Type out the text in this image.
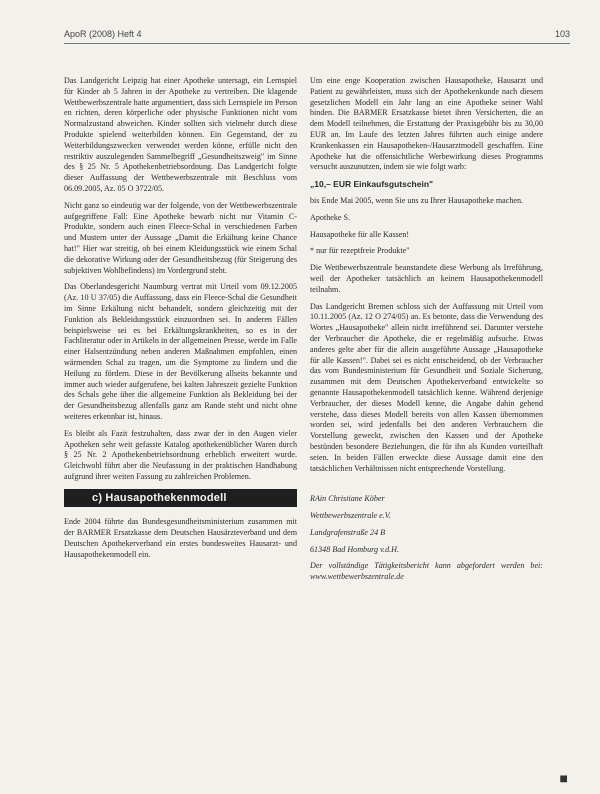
ApoR (2008) Heft 4	103

Das Landgericht Leipzig hat einer Apotheke untersagt, ein Lernspiel für Kinder ab 5 Jahren in der Apotheke zu vertreiben. Die klagende Wettbewerbszentrale hatte argumentiert, dass sich Lernspiele im Person en richten, deren körperliche oder physische Funktionen nicht vom Normalzustand abweichen. Kinder sollten sich vielmehr durch diese Produkte spielend weiterbilden können. Ein Gegenstand, der zu Weiterbildungszwecken verwendet werden könne, erfülle nicht den restriktiv auszulegenden Sammelbegriff „Gesundheitszweig" im Sinne des § 25 Nr. 5 Apothekenbetriebsordnung. Das Landgericht folgte dieser Auffassung der Wettbewerbszentrale mit Beschluss vom 06.09.2005, Az. 05 O 3722/05.

Nicht ganz so eindeutig war der folgende, von der Wettbewerbszentrale aufgegriffene Fall: Eine Apotheke bewarb nicht nur Vitamin C-Produkte, sondern auch einen Fleece-Schal in verschiedenen Farben und Mustern unter der Aussage „Damit die Erkältung keine Chance hat!" Hier war streitig, ob bei einem Kleidungsstück wie einem Schal die dekorative Wirkung oder der Gesundheitsbezug (für Steigerung des subjektiven Wohlbefindens) im Vordergrund steht.

Das Oberlandesgericht Naumburg vertrat mit Urteil vom 09.12.2005 (Az. 10 U 37/05) die Auffassung, dass ein Fleece-Schal die Gesundheit im Sinne Erkältung nicht behandelt, sondern gleichzeitig mit der Funktion als Bekleidungsstück einzuordnen sei. In anderen Fällen beispielsweise sei es bei Erkältungskrankheiten, so es in der Fachliteratur oder in Artikeln in der allgemeinen Presse, werde im Falle einer Halsentzündung neben anderen Maßnahmen empfohlen, einen wärmenden Schal zu tragen, um die Symptome zu lindern und die Heilung zu fördern. Diese in der Bevölkerung allseits bekannte und immer auch wieder aufgerufene, bei kalten Jahreszeit gezielte Funktion des Schals gehe über die allgemeine Funktion als Bekleidung bei der der Gesundheitsbezug allenfalls ganz am Rande steht und nicht ohne weiteres erkennbar ist, hinaus.

Es bleibt als Fazit festzuhalten, dass zwar der in den Augen vieler Apotheken sehr weit gefasste Katalog apothekenüblicher Waren durch § 25 Nr. 2 Apothekenbetriebsordnung erheblich erweitert wurde. Gleichwohl führt aber die Neufassung in der praktischen Handhabung aufgrund ihrer weiten Fassung zu zahlreichen Problemen.

c) Hausapothekenmodell

Ende 2004 führte das Bundesgesundheitsministerium zusammen mit der BARMER Ersatzkasse dem Deutschen Hausärzteverband und dem Deutschen Apothekerverband ein erstes bundesweites Hausarzt- und Hausapothekenmodell ein.

Um eine enge Kooperation zwischen Hausapotheke, Hausarzt und Patient zu gewährleisten, muss sich der Apothekenkunde nach diesem gesetzlichen Modell ein Jahr lang an eine Apotheke seiner Wahl binden. Die BARMER Ersatzkasse bietet ihren Versicherten, die an dem Modell teilnehmen, die Erstattung der Praxisgebühr bis zu 30,00 EUR an. Im Laufe des letzten Jahres führten auch einige andere Krankenkassen ein Hausapotheken-/Hausarztmodell geschaffen. Eine Apotheke hat die offensichtliche Werbewirkung dieses Programms versucht auszunutzen, indem sie wie folgt warb:

„10,– EUR Einkaufsgutschein"

bis Ende Mai 2005, wenn Sie uns zu Ihrer Hausapotheke machen.

Apotheke S.

Hausapotheke für alle Kassen!

* nur für rezeptfreie Produkte"

Die Wettbewerbszentrale beanstandete diese Werbung als Irreführung, weil der Apotheker tatsächlich an keinem Hausapothekenmodell teilnahm.

Das Landgericht Bremen schloss sich der Auffassung mit Urteil vom 10.11.2005 (Az. 12 O 274/05) an. Es betonte, dass die Verwendung des Wortes „Hausapotheke" allein nicht irreführend sei. Darunter verstehe der Verbraucher die Apotheke, die er regelmäßig aufsuche. Etwas anderes gelte aber für die allein ausgeführte Aussage „Hausapotheke für alle Kassen!". Dabei sei es nicht entscheidend, ob der Verbraucher das vom Bundesministerium für Gesundheit und Soziale Sicherung, zusammen mit dem Deutschen Apothekerverband entwickelte so genannte Hausapothekenmodell tatsächlich kenne. Während derjenige Verbraucher, der dieses Modell kenne, die Angabe dahin gehend verstehe, dass dieses Modell bereits von allen Kassen übernommen worden sei, wird jedenfalls bei den anderen Verbrauchern die Vorstellung geweckt, zwischen den Kassen und der Apotheke bestünden besondere Beziehungen, die für ihn als Kunden vorteilhaft seien. In beiden Fällen erweckte diese Aussage damit eine den tatsächlichen Verhältnissen nicht entsprechende Vorstellung.

RAin Christiane Köber

Wettbewerbszentrale e.V.

Landgrafenstraße 24 B

61348 Bad Homburg v.d.H.

Der vollständige Tätigkeitsbericht kann abgefordert werden bei: www.wettbewerbszentrale.de

■
